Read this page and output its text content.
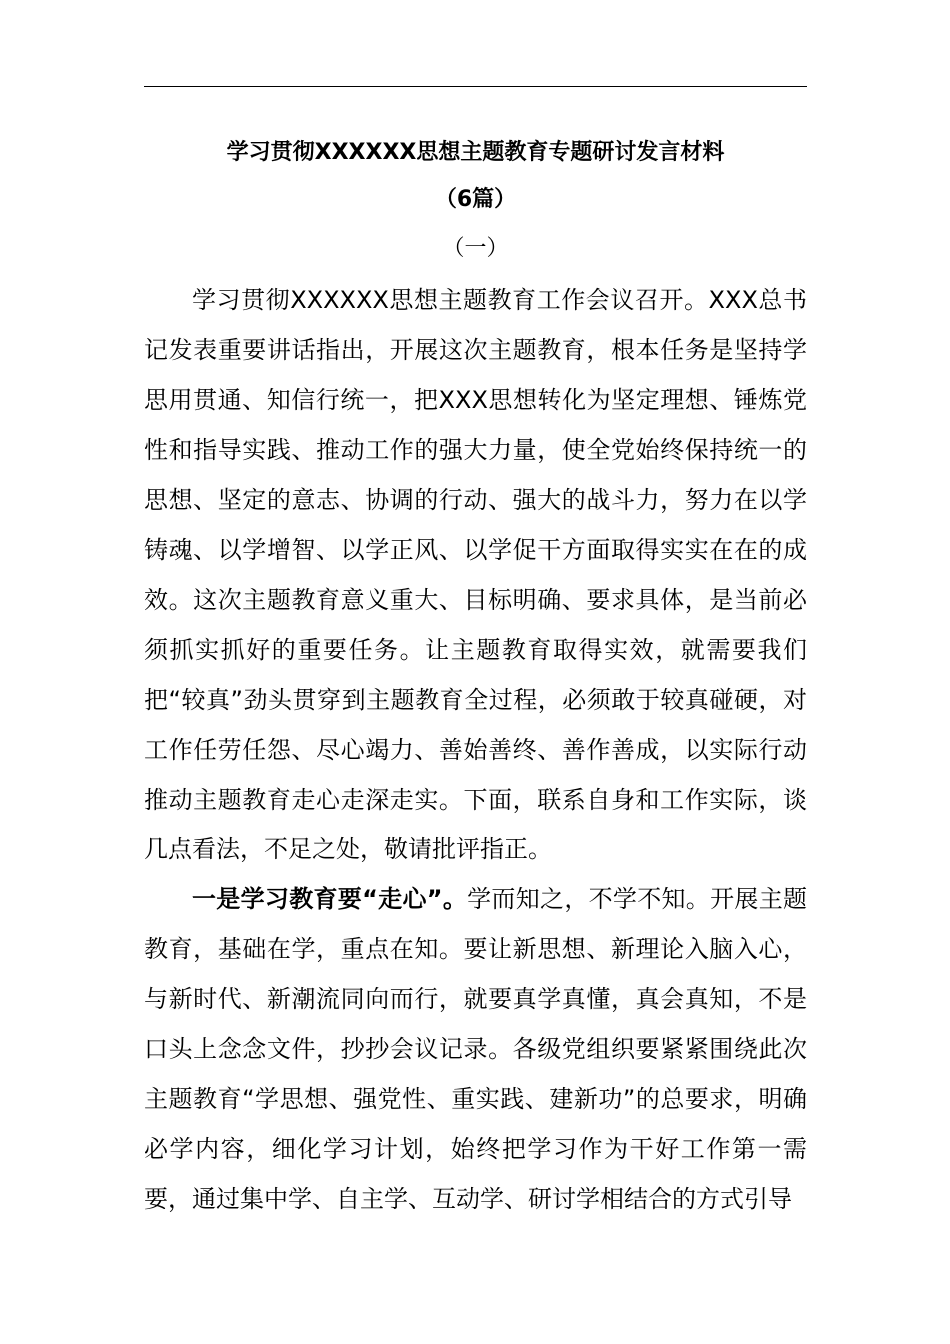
学习贯彻XXXXXX思想主题教育专题研讨发言材料

（6篇）

（一）

学习贯彻XXXXXX思想主题教育工作会议召开。XXX总书记发表重要讲话指出，开展这次主题教育，根本任务是坚持学思用贯通、知信行统一，把XXX思想转化为坚定理想、锤炼党性和指导实践、推动工作的强大力量，使全党始终保持统一的思想、坚定的意志、协调的行动、强大的战斗力，努力在以学铸魂、以学增智、以学正风、以学促干方面取得实实在在的成效。这次主题教育意义重大、目标明确、要求具体，是当前必须抓实抓好的重要任务。让主题教育取得实效，就需要我们把“较真”劲头贯穿到主题教育全过程，必须敢于较真碰硬，对工作任劳任怨、尽心竭力、善始善终、善作善成，以实际行动推动主题教育走心走深走实。下面，联系自身和工作实际，谈几点看法，不足之处，敬请批评指正。

一是学习教育要“走心”。学而知之，不学不知。开展主题教育，基础在学，重点在知。要让新思想、新理论入脑入心，与新时代、新潮流同向而行，就要真学真懂，真会真知，不是口头上念念文件，抄抄会议记录。各级党组织要紧紧围绕此次主题教育“学思想、强党性、重实践、建新功”的总要求，明确必学内容，细化学习计划，始终把学习作为干好工作第一需要，通过集中学、自主学、互动学、研讨学相结合的方式引导
